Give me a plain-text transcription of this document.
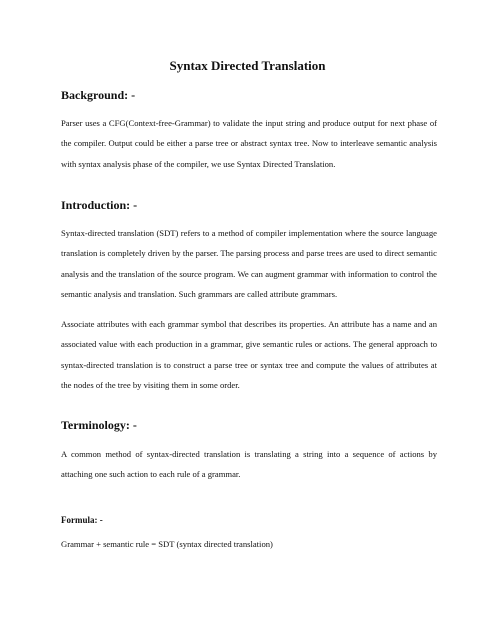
Syntax Directed Translation
Background: -

Parser uses a CFG(Context-free-Grammar) to validate the input string and produce output for next phase of the compiler. Output could be either a parse tree or abstract syntax tree. Now to interleave semantic analysis with syntax analysis phase of the compiler, we use Syntax Directed Translation.

Introduction: -

Syntax-directed translation (SDT) refers to a method of compiler implementation where the source language translation is completely driven by the parser. The parsing process and parse trees are used to direct semantic analysis and the translation of the source program. We can augment grammar with information to control the semantic analysis and translation. Such grammars are called attribute grammars.

Associate attributes with each grammar symbol that describes its properties. An attribute has a name and an associated value with each production in a grammar, give semantic rules or actions. The general approach to syntax-directed translation is to construct a parse tree or syntax tree and compute the values of attributes at the nodes of the tree by visiting them in some order.

Terminology: -

A common method of syntax-directed translation is translating a string into a sequence of actions by attaching one such action to each rule of a grammar.

Formula: -

Grammar + semantic rule = SDT (syntax directed translation)
